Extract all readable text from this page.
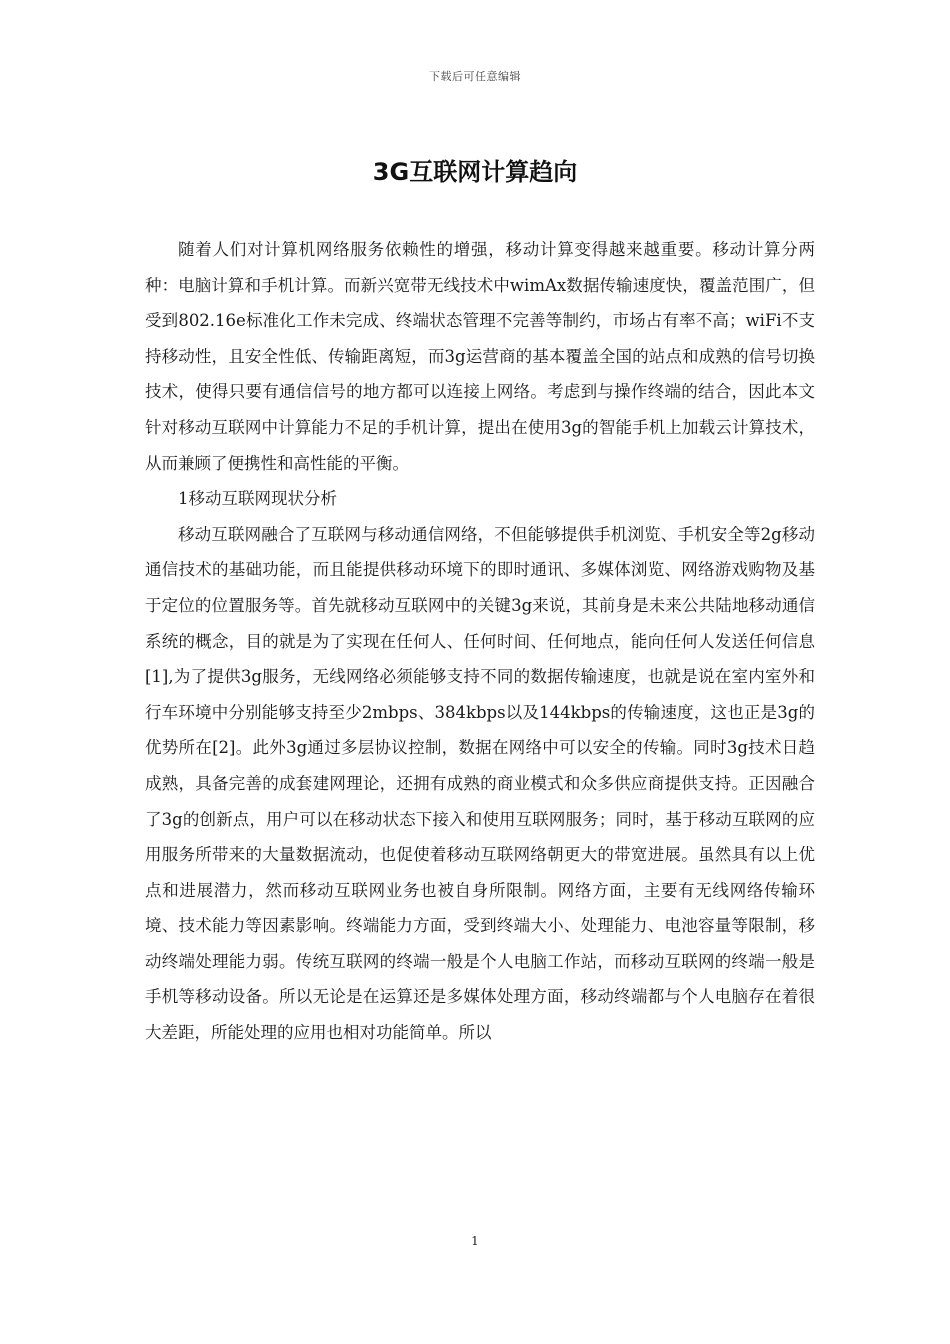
下载后可任意编辑
3G互联网计算趋向

随着人们对计算机网络服务依赖性的增强，移动计算变得越来越重要。移动计算分两种：电脑计算和手机计算。而新兴宽带无线技术中wimAx数据传输速度快，覆盖范围广，但受到802.16e标准化工作未完成、终端状态管理不完善等制约，市场占有率不高；wiFi不支持移动性，且安全性低、传输距离短，而3g运营商的基本覆盖全国的站点和成熟的信号切换技术，使得只要有通信信号的地方都可以连接上网络。考虑到与操作终端的结合，因此本文针对移动互联网中计算能力不足的手机计算，提出在使用3g的智能手机上加载云计算技术，从而兼顾了便携性和高性能的平衡。

1移动互联网现状分析

移动互联网融合了互联网与移动通信网络，不但能够提供手机浏览、手机安全等2g移动通信技术的基础功能，而且能提供移动环境下的即时通讯、多媒体浏览、网络游戏购物及基于定位的位置服务等。首先就移动互联网中的关键3g来说，其前身是未来公共陆地移动通信系统的概念，目的就是为了实现在任何人、任何时间、任何地点，能向任何人发送任何信息[1],为了提供3g服务，无线网络必须能够支持不同的数据传输速度，也就是说在室内室外和行车环境中分别能够支持至少2mbps、384kbps以及144kbps的传输速度，这也正是3g的优势所在[2]。此外3g通过多层协议控制，数据在网络中可以安全的传输。同时3g技术日趋成熟，具备完善的成套建网理论，还拥有成熟的商业模式和众多供应商提供支持。正因融合了3g的创新点，用户可以在移动状态下接入和使用互联网服务；同时，基于移动互联网的应用服务所带来的大量数据流动，也促使着移动互联网络朝更大的带宽进展。虽然具有以上优点和进展潜力，然而移动互联网业务也被自身所限制。网络方面，主要有无线网络传输环境、技术能力等因素影响。终端能力方面，受到终端大小、处理能力、电池容量等限制，移动终端处理能力弱。传统互联网的终端一般是个人电脑工作站，而移动互联网的终端一般是手机等移动设备。所以无论是在运算还是多媒体处理方面，移动终端都与个人电脑存在着很大差距，所能处理的应用也相对功能简单。所以

1
